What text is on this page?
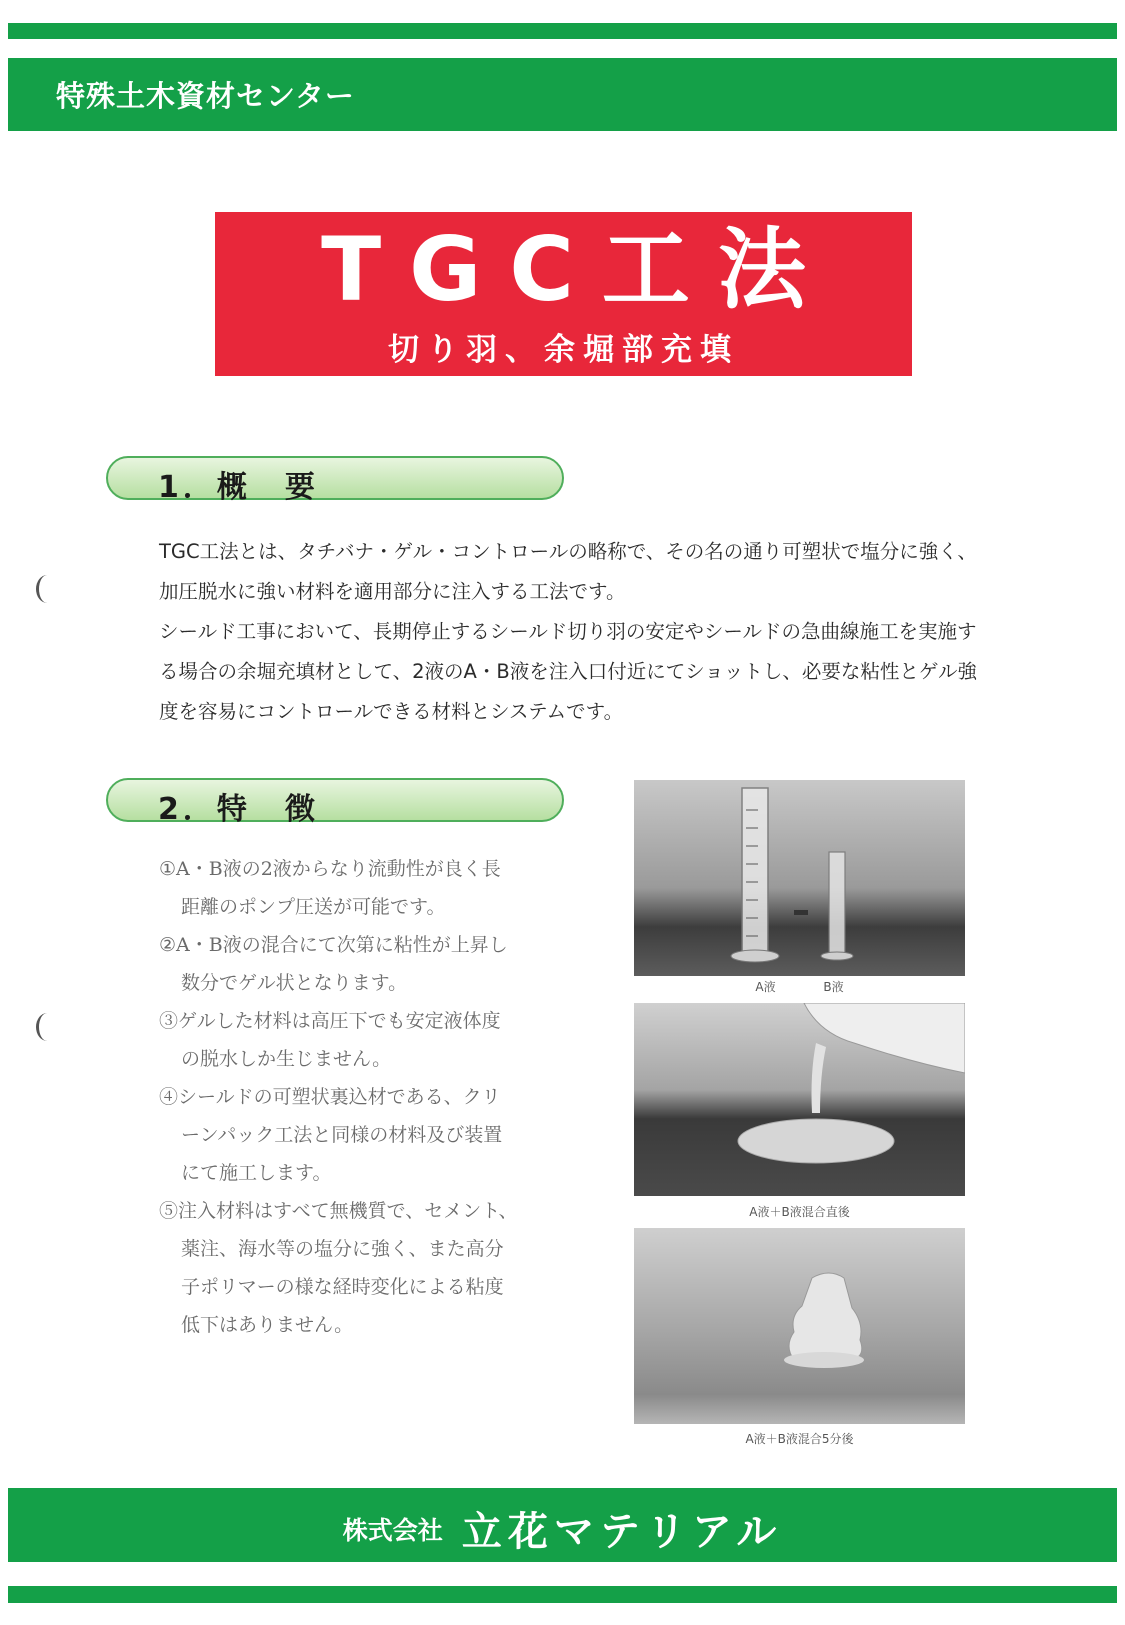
特殊土木資材センター
TGC工法
切り羽、余堀部充填
1．概　要

TGC工法とは、タチバナ・ゲル・コントロールの略称で、その名の通り可塑状で塩分に強く、加圧脱水に強い材料を適用部分に注入する工法です。

シールド工事において、長期停止するシールド切り羽の安定やシールドの急曲線施工を実施する場合の余堀充填材として、2液のA・B液を注入口付近にてショットし、必要な粘性とゲル強度を容易にコントロールできる材料とシステムです。

2．特　徴
①A・B液の2液からなり流動性が良く長距離のポンプ圧送が可能です。
②A・B液の混合にて次第に粘性が上昇し数分でゲル状となります。
③ゲルした材料は高圧下でも安定液体度の脱水しか生じません。
④シールドの可塑状裏込材である、クリーンパック工法と同様の材料及び装置にて施工します。
⑤注入材料はすべて無機質で、セメント、薬注、海水等の塩分に強く、また高分子ポリマーの様な経時変化による粘度低下はありません。
A液 B液
A液＋B液混合直後
A液＋B液混合5分後
株式会社 立花マテリアル
